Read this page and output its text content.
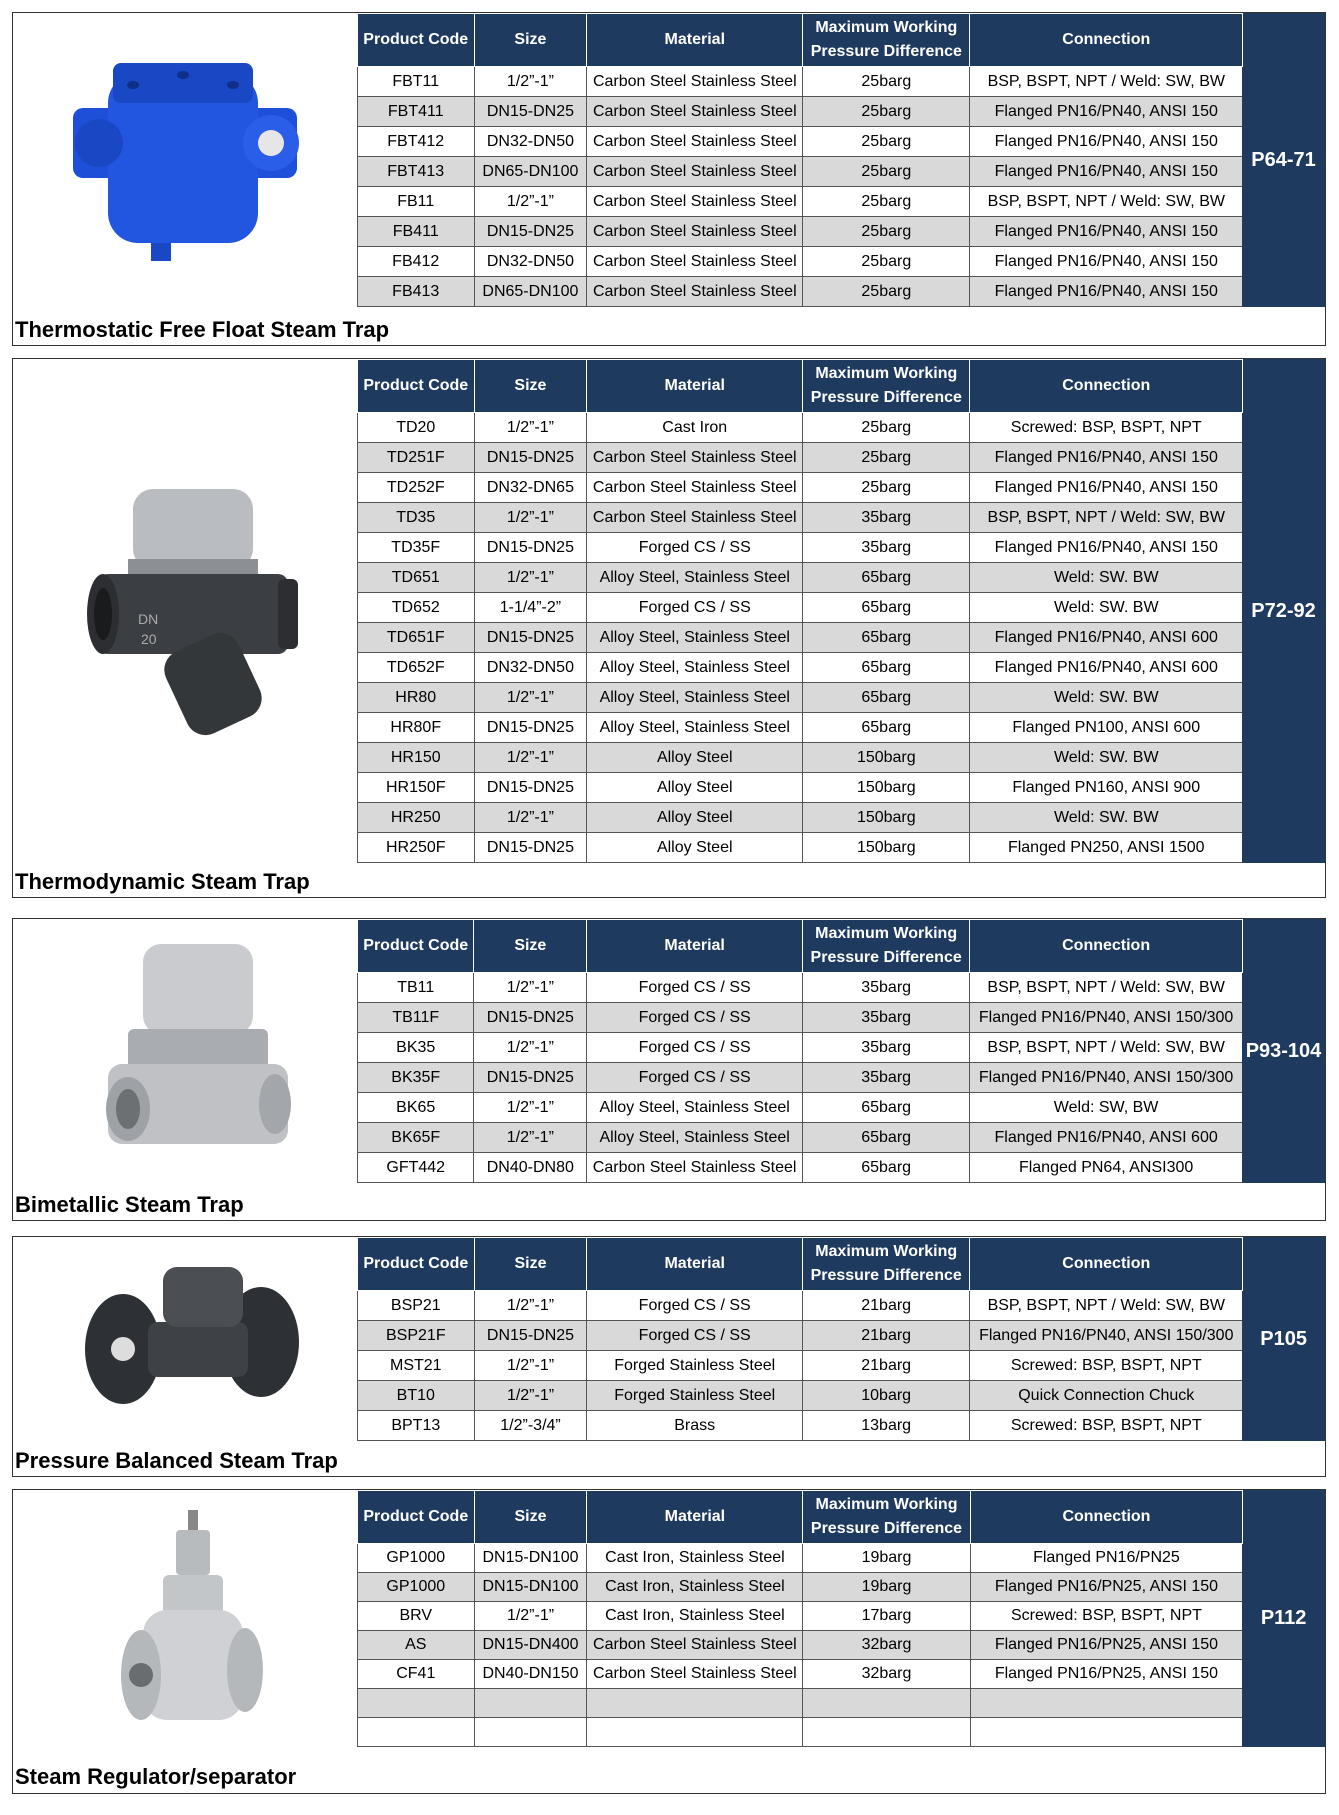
Product Code	Size	Material	Maximum Working Pressure Difference	Connection	P64-71
FBT11	1/2”-1”	Carbon Steel Stainless Steel	25barg	BSP, BSPT, NPT / Weld: SW, BW	
FBT411	DN15-DN25	Carbon Steel Stainless Steel	25barg	Flanged PN16/PN40, ANSI 150	
FBT412	DN32-DN50	Carbon Steel Stainless Steel	25barg	Flanged PN16/PN40, ANSI 150	
FBT413	DN65-DN100	Carbon Steel Stainless Steel	25barg	Flanged PN16/PN40, ANSI 150	
FB11	1/2”-1”	Carbon Steel Stainless Steel	25barg	BSP, BSPT, NPT / Weld: SW, BW	
FB411	DN15-DN25	Carbon Steel Stainless Steel	25barg	Flanged PN16/PN40, ANSI 150	
FB412	DN32-DN50	Carbon Steel Stainless Steel	25barg	Flanged PN16/PN40, ANSI 150	
FB413	DN65-DN100	Carbon Steel Stainless Steel	25barg	Flanged PN16/PN40, ANSI 150	
Thermostatic Free Float Steam Trap
DN
20
Product Code	Size	Material	Maximum Working Pressure Difference	Connection	P72-92
TD20	1/2”-1”	Cast Iron	25barg	Screwed: BSP, BSPT, NPT	
TD251F	DN15-DN25	Carbon Steel Stainless Steel	25barg	Flanged PN16/PN40, ANSI 150	
TD252F	DN32-DN65	Carbon Steel Stainless Steel	25barg	Flanged PN16/PN40, ANSI 150	
TD35	1/2”-1”	Carbon Steel Stainless Steel	35barg	BSP, BSPT, NPT / Weld: SW, BW	
TD35F	DN15-DN25	Forged CS / SS	35barg	Flanged PN16/PN40, ANSI 150	
TD651	1/2”-1”	Alloy Steel, Stainless Steel	65barg	Weld: SW. BW	
TD652	1-1/4”-2”	Forged CS / SS	65barg	Weld: SW. BW	
TD651F	DN15-DN25	Alloy Steel, Stainless Steel	65barg	Flanged PN16/PN40, ANSI 600	
TD652F	DN32-DN50	Alloy Steel, Stainless Steel	65barg	Flanged PN16/PN40, ANSI 600	
HR80	1/2”-1”	Alloy Steel, Stainless Steel	65barg	Weld: SW. BW	
HR80F	DN15-DN25	Alloy Steel, Stainless Steel	65barg	Flanged PN100, ANSI 600	
HR150	1/2”-1”	Alloy Steel	150barg	Weld: SW. BW	
HR150F	DN15-DN25	Alloy Steel	150barg	Flanged PN160, ANSI 900	
HR250	1/2”-1”	Alloy Steel	150barg	Weld: SW. BW	
HR250F	DN15-DN25	Alloy Steel	150barg	Flanged PN250, ANSI 1500	
Thermodynamic Steam Trap
Product Code	Size	Material	Maximum Working Pressure Difference	Connection	P93-104
TB11	1/2”-1”	Forged CS / SS	35barg	BSP, BSPT, NPT / Weld: SW, BW	
TB11F	DN15-DN25	Forged CS / SS	35barg	Flanged PN16/PN40, ANSI 150/300	
BK35	1/2”-1”	Forged CS / SS	35barg	BSP, BSPT, NPT / Weld: SW, BW	
BK35F	DN15-DN25	Forged CS / SS	35barg	Flanged PN16/PN40, ANSI 150/300	
BK65	1/2”-1”	Alloy Steel, Stainless Steel	65barg	Weld: SW, BW	
BK65F	1/2”-1”	Alloy Steel, Stainless Steel	65barg	Flanged PN16/PN40, ANSI 600	
GFT442	DN40-DN80	Carbon Steel Stainless Steel	65barg	Flanged PN64, ANSI300	
Bimetallic Steam Trap
Product Code	Size	Material	Maximum Working Pressure Difference	Connection	P105
BSP21	1/2”-1”	Forged CS / SS	21barg	BSP, BSPT, NPT / Weld: SW, BW	
BSP21F	DN15-DN25	Forged CS / SS	21barg	Flanged PN16/PN40, ANSI 150/300	
MST21	1/2”-1”	Forged Stainless Steel	21barg	Screwed: BSP, BSPT, NPT	
BT10	1/2”-1”	Forged Stainless Steel	10barg	Quick Connection Chuck	
BPT13	1/2”-3/4”	Brass	13barg	Screwed: BSP, BSPT, NPT	
Pressure Balanced Steam Trap
Product Code	Size	Material	Maximum Working Pressure Difference	Connection	P112
GP1000	DN15-DN100	Cast Iron, Stainless Steel	19barg	Flanged PN16/PN25	
GP1000	DN15-DN100	Cast Iron, Stainless Steel	19barg	Flanged PN16/PN25, ANSI 150	
BRV	1/2”-1”	Cast Iron, Stainless Steel	17barg	Screwed: BSP, BSPT, NPT	
AS	DN15-DN400	Carbon Steel Stainless Steel	32barg	Flanged PN16/PN25, ANSI 150	
CF41	DN40-DN150	Carbon Steel Stainless Steel	32barg	Flanged PN16/PN25, ANSI 150	

Steam Regulator/separator
